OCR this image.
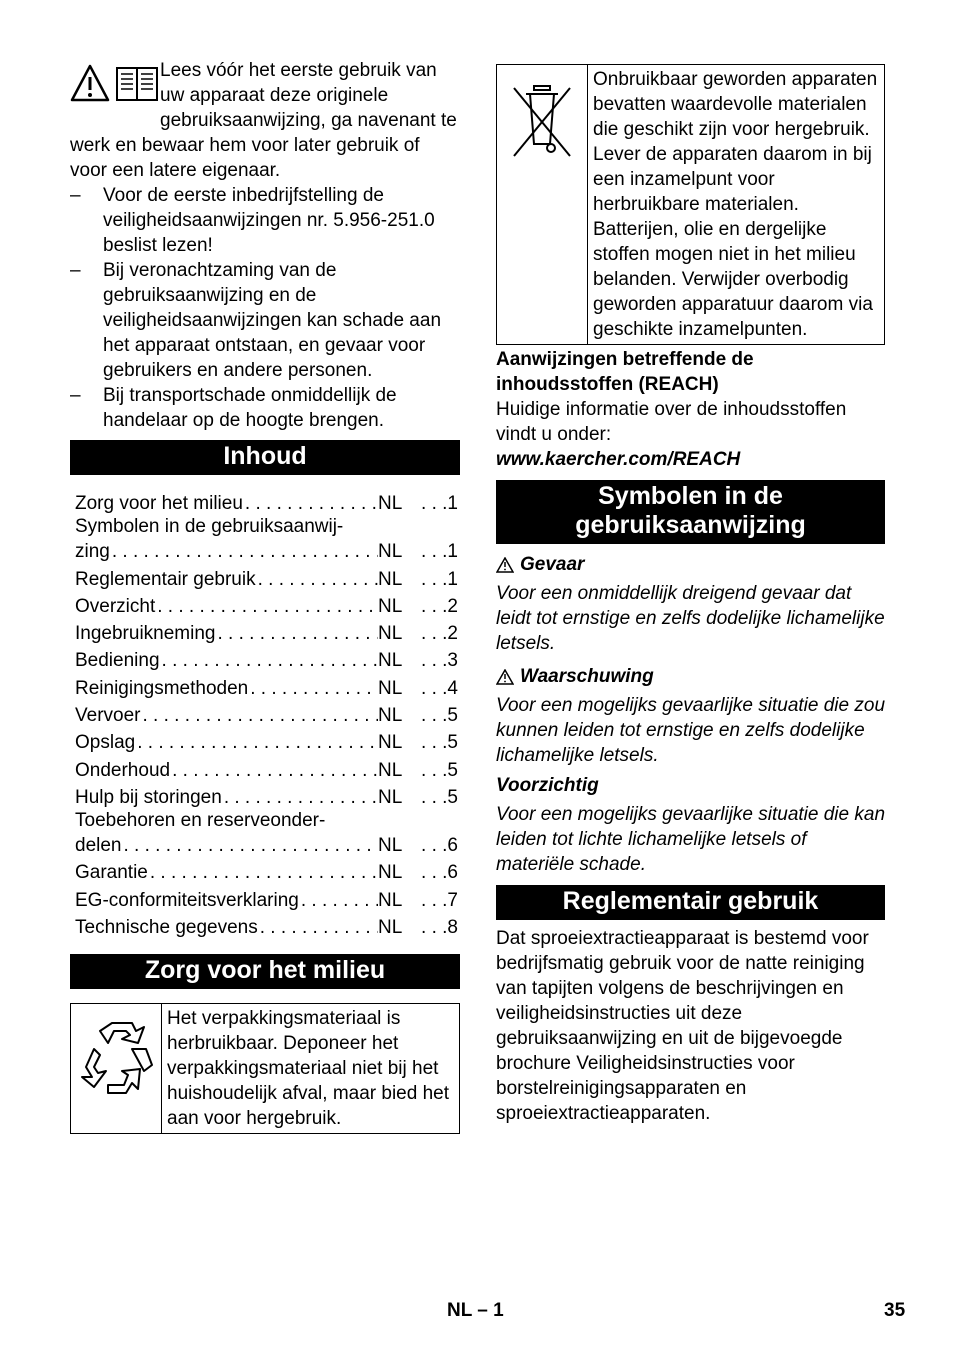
Lees vóór het eerste gebruik van uw apparaat deze originele gebruiksaanwijzing, ga navenant te werk en bewaar hem voor later gebruik of voor een latere eigenaar.

– Voor de eerste inbedrijfstelling de veiligheidsaanwijzingen nr. 5.956-251.0 beslist lezen!
– Bij veronachtzaming van de gebruiksaanwijzing en de veiligheidsaanwijzingen kan schade aan het apparaat ontstaan, en gevaar voor gebruikers en andere personen.
– Bij transportschade onmiddellijk de handelaar op de hoogte brengen.
Inhoud
Zorg voor het milieu . . .	NL . . .1
Symbolen in de gebruiksaanwij-
zing . . .	NL . . .1
Reglementair gebruik . . .	NL . . .1
Overzicht . . .	NL . . .2
Ingebruikneming . . .	NL . . .2
Bediening . . .	NL . . .3
Reinigingsmethoden . . .	NL . . .4
Vervoer . . .	NL . . .5
Opslag . . .	NL . . .5
Onderhoud . . .	NL . . .5
Hulp bij storingen . . .	NL . . .5
Toebehoren en reserveonder-
delen . . .	NL . . .6
Garantie . . .	NL . . .6
EG-conformiteitsverklaring . . .	NL . . .7
Technische gegevens . . .	NL . . .8
Zorg voor het milieu
	Het verpakkingsmateriaal is herbruikbaar. Deponeer het verpakkingsmateriaal niet bij het huishoudelijk afval, maar bied het aan voor hergebruik.
	Onbruikbaar geworden apparaten bevatten waardevolle materialen die geschikt zijn voor hergebruik. Lever de apparaten daarom in bij een inzamelpunt voor herbruikbare materialen. Batterijen, olie en dergelijke stoffen mogen niet in het milieu belanden. Verwijder overbodig geworden apparatuur daarom via geschikte inzamelpunten.

Aanwijzingen betreffende de inhoudsstoffen (REACH)

Huidige informatie over de inhoudsstoffen vindt u onder:

www.kaercher.com/REACH

Symbolen in de gebruiksaanwijzing
Gevaar

Voor een onmiddellijk dreigend gevaar dat leidt tot ernstige en zelfs dodelijke lichamelijke letsels.

Waarschuwing

Voor een mogelijks gevaarlijke situatie die zou kunnen leiden tot ernstige en zelfs dodelijke lichamelijke letsels.

Voorzichtig

Voor een mogelijks gevaarlijke situatie die kan leiden tot lichte lichamelijke letsels of materiële schade.

Reglementair gebruik

Dat sproeiextractieapparaat is bestemd voor bedrijfsmatig gebruik voor de natte reiniging van tapijten volgens de beschrijvingen en veiligheidsinstructies uit deze gebruiksaanwijzing en uit de bijgevoegde brochure Veiligheidsinstructies voor borstelreinigingsapparaten en sproeiextractieapparaten.

NL – 1	35
